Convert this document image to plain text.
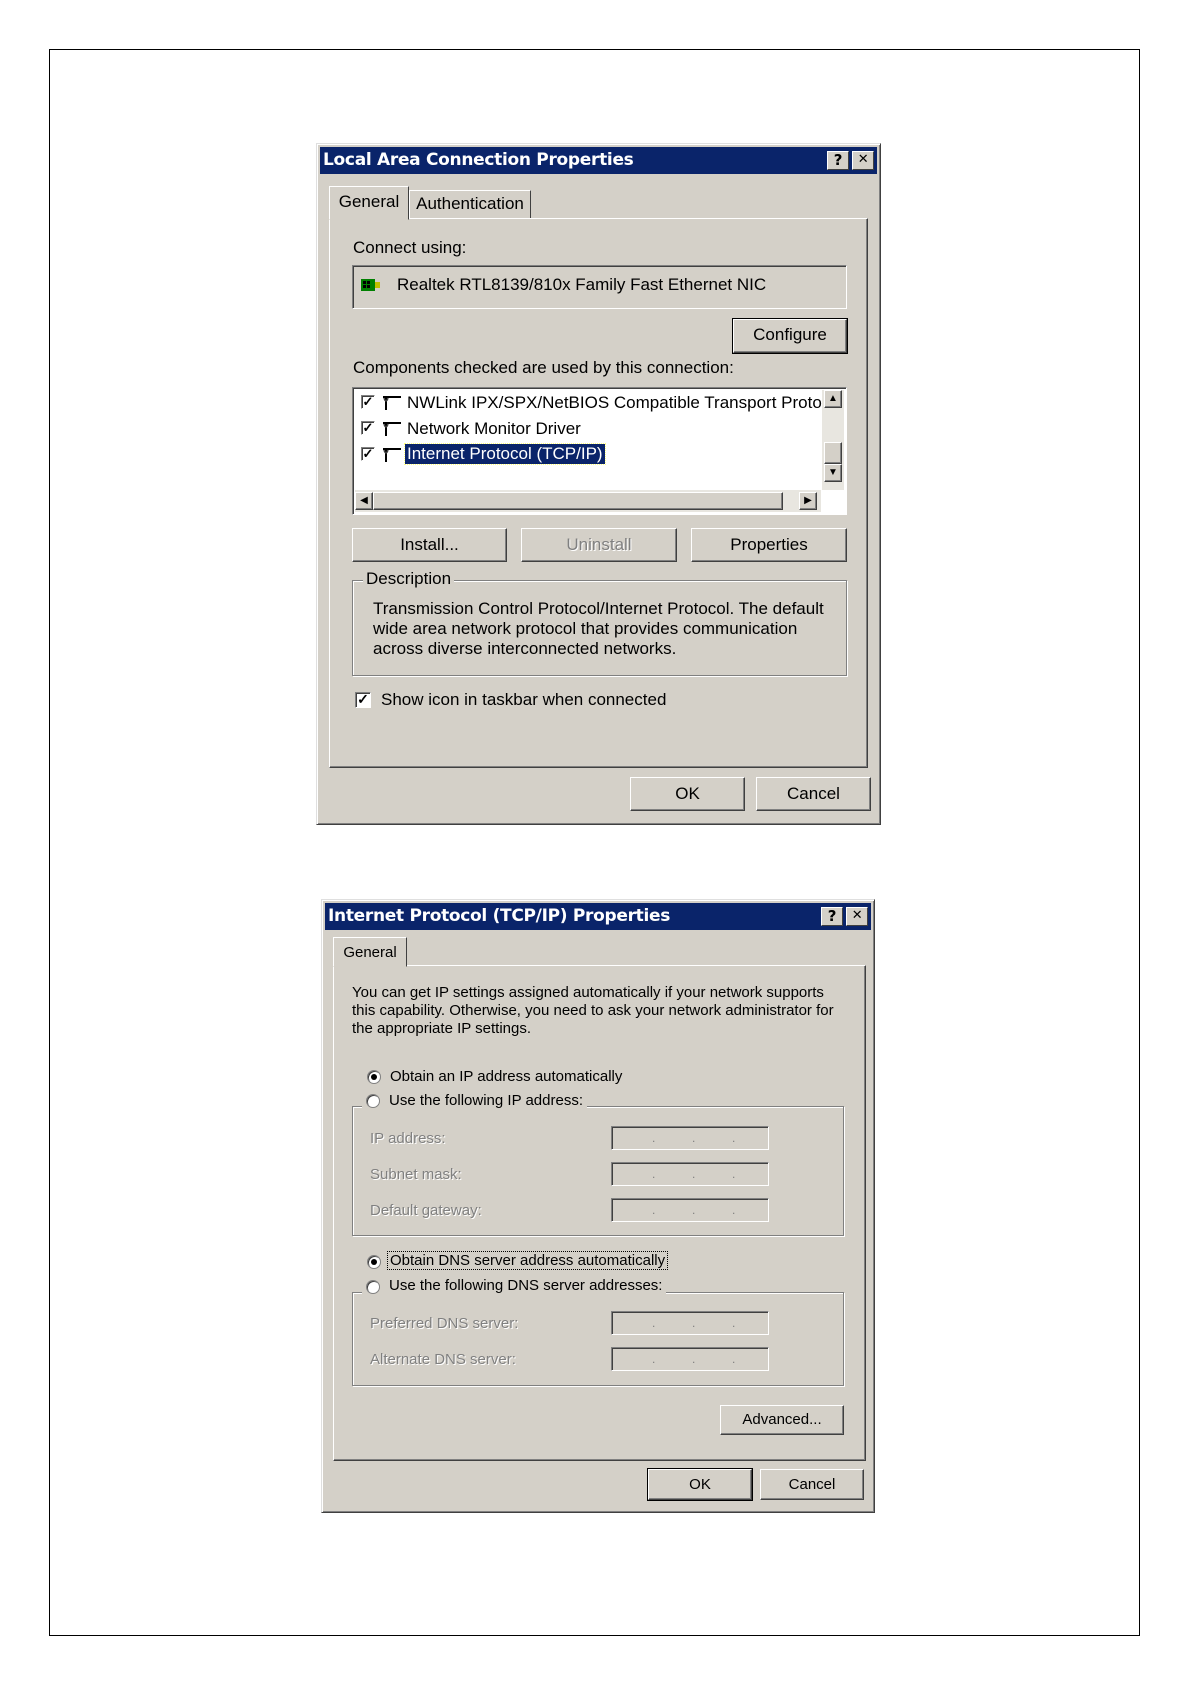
Local Area Connection Properties	?	✕
General Authentication
Connect using:
Realtek RTL8139/810x Family Fast Ethernet NIC
Configure
Components checked are used by this connection:
✓ NWLink IPX/SPX/NetBIOS Compatible Transport Proto
✓ Network Monitor Driver
✓ Internet Protocol (TCP/IP)
▲
▼
◀	▶
Install...	Uninstall	Properties
Description
Transmission Control Protocol/Internet Protocol. The default wide area network protocol that provides communication across diverse interconnected networks.
✓ Show icon in taskbar when connected
OK	Cancel
Internet Protocol (TCP/IP) Properties	?	✕
General
You can get IP settings assigned automatically if your network supports this capability. Otherwise, you need to ask your network administrator for the appropriate IP settings.
Obtain an IP address automatically
Use the following IP address:
IP address:	.	.	.
Subnet mask:	.	.	.
Default gateway:	.	.	.
Obtain DNS server address automatically
Use the following DNS server addresses:
Preferred DNS server:	.	.	.
Alternate DNS server:	.	.	.
Advanced...
OK	Cancel
